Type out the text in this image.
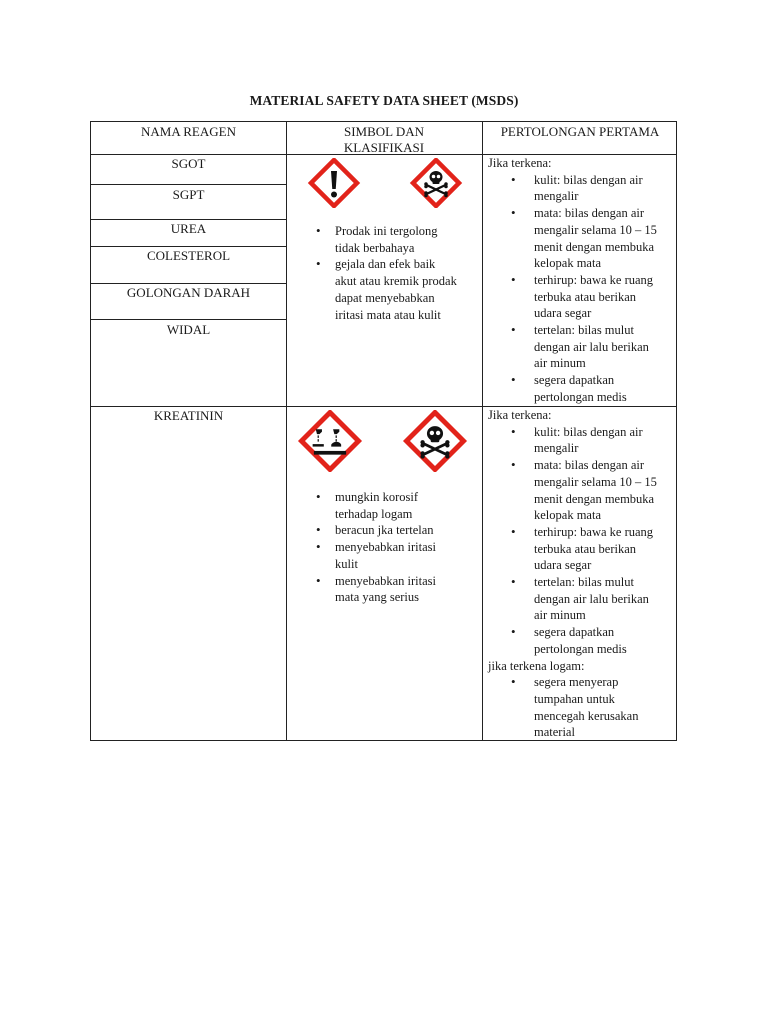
MATERIAL SAFETY DATA SHEET (MSDS)
NAMA REAGEN	SIMBOL DAN
KLASIFIKASI
PERTOLONGAN PERTAMA
SGOT
SGPT
UREA
COLESTEROL
GOLONGAN DARAH
WIDAL
• Prodak ini tergolong
tidak berbahaya
• gejala dan efek baik
akut atau kremik prodak
dapat menyebabkan
iritasi mata atau kulit
Jika terkena:
• kulit: bilas dengan air
mengalir
• mata: bilas dengan air
mengalir selama 10 – 15
menit dengan membuka
kelopak mata
• terhirup: bawa ke ruang
terbuka atau berikan
udara segar
• tertelan: bilas mulut
dengan air lalu berikan
air minum
• segera dapatkan
pertolongan medis
KREATININ
• mungkin korosif
terhadap logam
• beracun jka tertelan
• menyebabkan iritasi
kulit
• menyebabkan iritasi
mata yang serius
Jika terkena:
• kulit: bilas dengan air
mengalir
• mata: bilas dengan air
mengalir selama 10 – 15
menit dengan membuka
kelopak mata
• terhirup: bawa ke ruang
terbuka atau berikan
udara segar
• tertelan: bilas mulut
dengan air lalu berikan
air minum
• segera dapatkan
pertolongan medis
jika terkena logam:
• segera menyerap
tumpahan untuk
mencegah kerusakan
material
